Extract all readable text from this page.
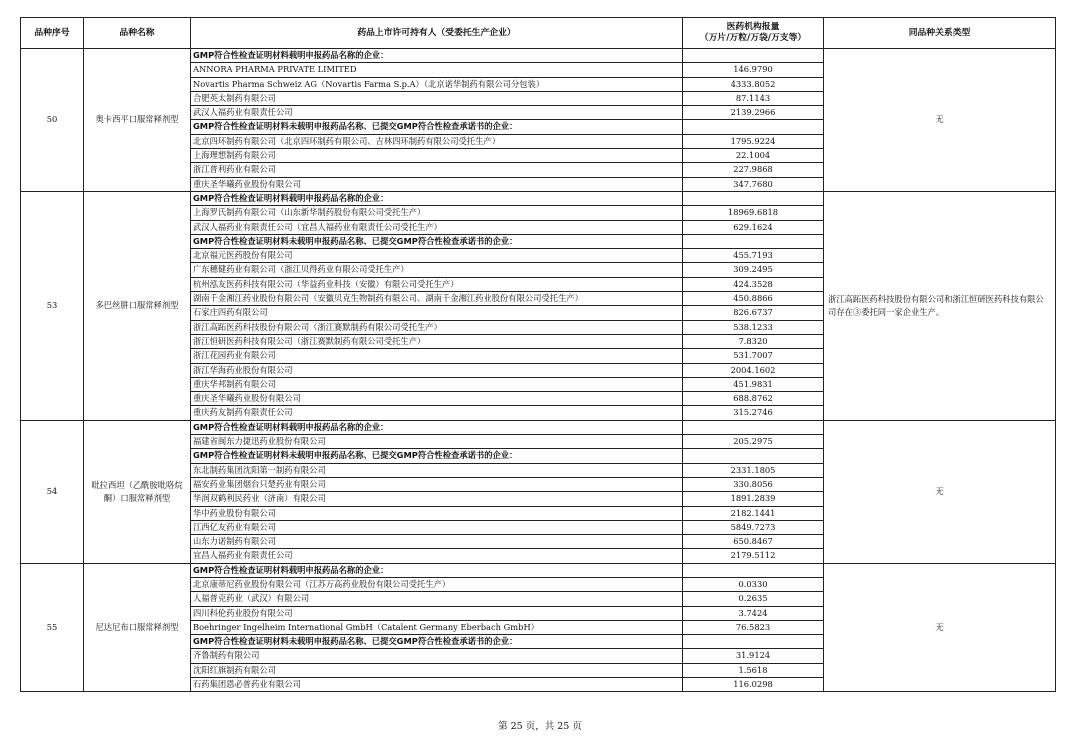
品种序号	品种名称	药品上市许可持有人（受委托生产企业）	医药机构报量
（万片/万粒/万袋/万支等）	同品种关系类型
50	奥卡西平口服常释剂型	GMP符合性检查证明材料载明申报药品名称的企业：		无
		ANNORA PHARMA PRIVATE LIMITED	146.9790	
		Novartis Pharma Schweiz AG（Novartis Farma S.p.A）（北京诺华制药有限公司分包装）	4333.8052	
		合肥英太制药有限公司	87.1143	
		武汉人福药业有限责任公司	2139.2966	
		GMP符合性检查证明材料未载明申报药品名称、已提交GMP符合性检查承诺书的企业：		
		北京四环制药有限公司（北京四环制药有限公司、吉林四环制药有限公司受托生产）	1795.9224	
		上海理想制药有限公司	22.1004	
		浙江普利药业有限公司	227.9868	
		重庆圣华曦药业股份有限公司	347.7680	
53	多巴丝肼口服常释剂型	GMP符合性检查证明材料载明申报药品名称的企业：		浙江高跖医药科技股份有限公司和浙江恒研医药科技有限公司存在③委托同一家企业生产。
		上海罗氏制药有限公司（山东新华制药股份有限公司受托生产）	18969.6818	
		武汉人福药业有限责任公司（宜昌人福药业有限责任公司受托生产）	629.1624	
		GMP符合性检查证明材料未载明申报药品名称、已提交GMP符合性检查承诺书的企业：		
		北京福元医药股份有限公司	455.7193	
		广东穗健药业有限公司（浙江贝得药业有限公司受托生产）	309.2495	
		杭州泓友医药科技有限公司（华益药业科技（安徽）有限公司受托生产）	424.3528	
		湖南千金湘江药业股份有限公司（安徽贝克生物制药有限公司、湖南千金湘江药业股份有限公司受托生产）	450.8866	
		石家庄四药有限公司	826.6737	
		浙江高跖医药科技股份有限公司（浙江赛默制药有限公司受托生产）	538.1233	
		浙江恒研医药科技有限公司（浙江赛默制药有限公司受托生产）	7.8320	
		浙江花园药业有限公司	531.7007	
		浙江华海药业股份有限公司	2004.1602	
		重庆华邦制药有限公司	451.9831	
		重庆圣华曦药业股份有限公司	688.8762	
		重庆药友制药有限责任公司	315.2746	
54	吡拉西坦（乙酰胺吡咯烷酮）口服常释剂型	GMP符合性检查证明材料载明申报药品名称的企业：		无
		福建省闽东力捷迅药业股份有限公司	205.2975	
		GMP符合性检查证明材料未载明申报药品名称、已提交GMP符合性检查承诺书的企业：		
		东北制药集团沈阳第一制药有限公司	2331.1805	
		福安药业集团烟台只楚药业有限公司	330.8056	
		华润双鹤利民药业（济南）有限公司	1891.2839	
		华中药业股份有限公司	2182.1441	
		江西亿友药业有限公司	5849.7273	
		山东力诺制药有限公司	650.8467	
		宜昌人福药业有限责任公司	2179.5112	
55	尼达尼布口服常释剂型	GMP符合性检查证明材料载明申报药品名称的企业：		无
		北京康蒂尼药业股份有限公司（江苏万高药业股份有限公司受托生产）	0.0330	
		人福普克药业（武汉）有限公司	0.2635	
		四川科伦药业股份有限公司	3.7424	
		Boehringer Ingelheim International GmbH（Catalent Germany Eberbach GmbH）	76.5823	
		GMP符合性检查证明材料未载明申报药品名称、已提交GMP符合性检查承诺书的企业：		
		齐鲁制药有限公司	31.9124	
		沈阳红旗制药有限公司	1.5618	
		石药集团恩必普药业有限公司	116.0298	
第 25 页，共 25 页
